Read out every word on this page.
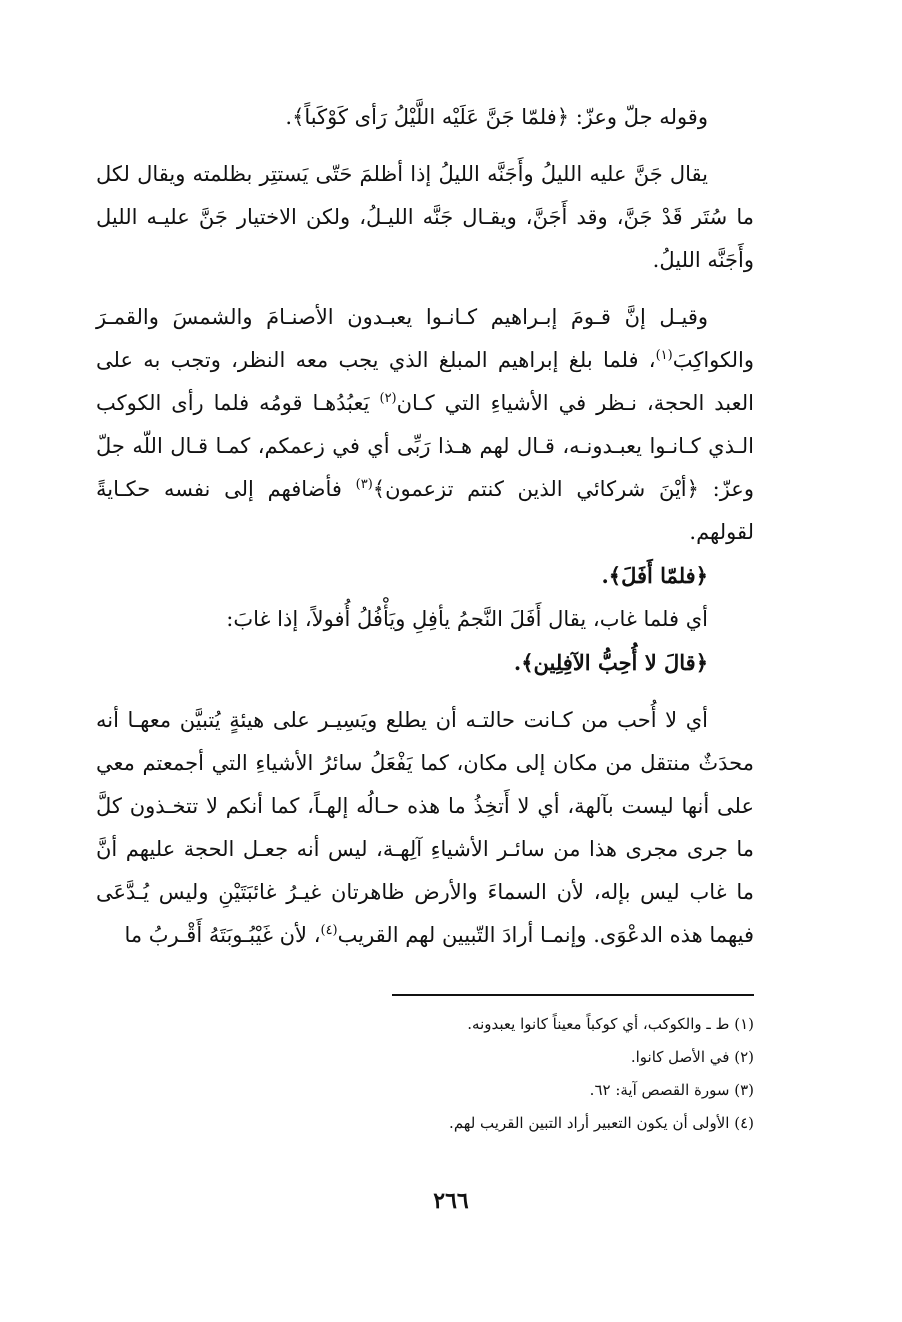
وقوله جلّ وعزّ: ﴿فلمّا جَنَّ عَلَيْه اللَّيْلُ رَأى كَوْكَباً﴾.

يقال جَنَّ عليه الليلُ وأَجَنَّه الليلُ إذا أظلمَ حَتّى يَستتِر بظلمته ويقال لكل ما سُتَر قَدْ جَنَّ، وقد أَجَنَّ، ويقـال جَنَّه الليـلُ، ولكن الاختيار جَنَّ عليـه الليل وأَجَنَّه الليلُ.

وقيـل إنَّ قـومَ إبـراهيم كـانـوا يعبـدون الأصنـامَ والشمسَ والقمـرَ والكواكِبَ$^{(١)}$، فلما بلغ إبراهيم المبلغ الذي يجب معه النظر، وتجب به على العبد الحجة، نـظر في الأشياءِ التي كـان$^{(٢)}$ يَعبُدُهـا قومُه فلما رأى الكوكب الـذي كـانـوا يعبـدونـه، قـال لهم هـذا رَبِّى أي في زعمكم، كمـا قـال اللّه جلّ وعزّ: ﴿أيْنَ شركائي الذين كنتم تزعمون﴾$^{(٣)}$ فأضافهم إلى نفسه حكـايةً لقولهم.

﴿فلمّا أَفَلَ﴾.

أي فلما غاب، يقال أَفَلَ النَّجمُ يأفِلِ ويَأْفُلُ أُفولاً، إذا غابَ:

﴿قالَ لا أُحِبُّ الآفِلِين﴾.

أي لا أُحب من كـانت حالتـه أن يطلع ويَسِيـر على هيئةٍ يُتبيَّن معهـا أنه محدَثٌ منتقل من مكان إلى مكان، كما يَفْعَلُ سائرُ الأشياءِ التي أجمعتم معي على أنها ليست بآلهة، أي لا أَتخِذُ ما هذه حـالُه إلهـاً، كما أنكم لا تتخـذون كلَّ ما جرى مجرى هذا من سائـر الأشياءِ آلِهـة، ليس أنه جعـل الحجة عليهم أنَّ ما غاب ليس بإله، لأن السماءَ والأرض ظاهرتان غيـرُ غائبَتَيْنِ وليس يُـدَّعَى فيهما هذه الدعْوَى. وإنمـا أرادَ التّبيين لهم القريب$^{(٤)}$، لأن غَيْبُـوبَتَهُ أَقْـربُ ما

(١) ط ـ والكوكب، أي كوكباً معيناً كانوا يعبدونه.

(٢) في الأصل كانوا.

(٣) سورة القصص آية: ٦٢.

(٤) الأولى أن يكون التعبير أراد التبين القريب لهم.

٢٦٦
